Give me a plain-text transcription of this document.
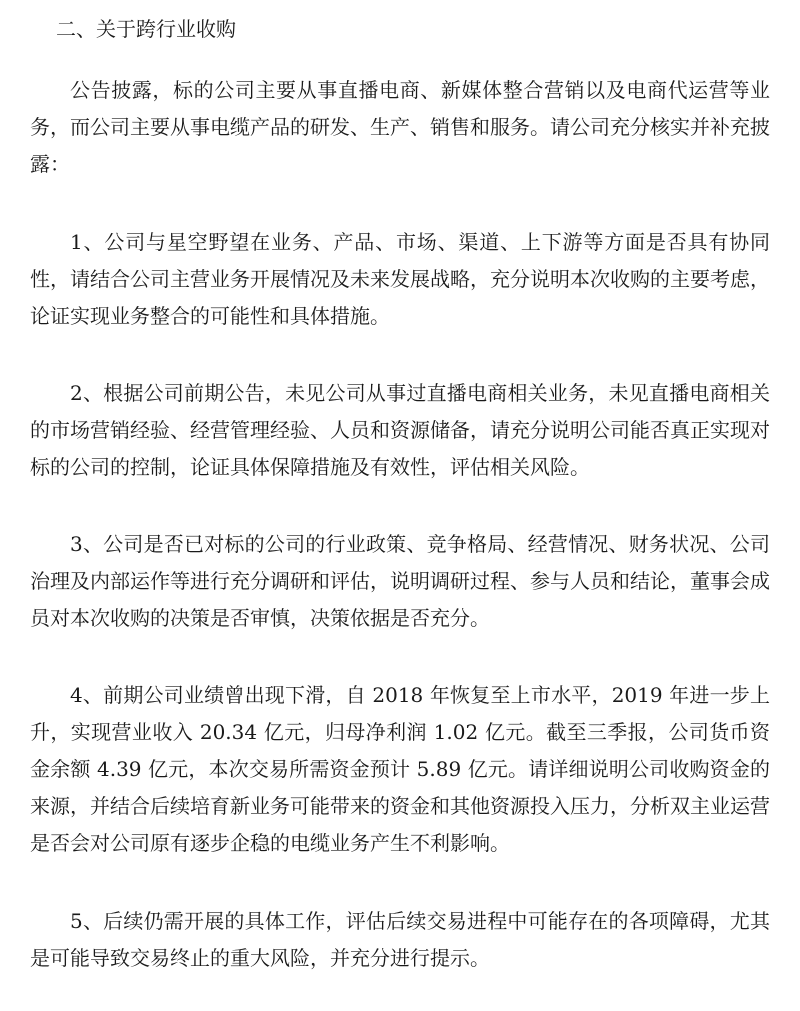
二、关于跨行业收购

公告披露，标的公司主要从事直播电商、新媒体整合营销以及电商代运营等业务，而公司主要从事电缆产品的研发、生产、销售和服务。请公司充分核实并补充披露：

1、公司与星空野望在业务、产品、市场、渠道、上下游等方面是否具有协同性，请结合公司主营业务开展情况及未来发展战略，充分说明本次收购的主要考虑，论证实现业务整合的可能性和具体措施。

2、根据公司前期公告，未见公司从事过直播电商相关业务，未见直播电商相关的市场营销经验、经营管理经验、人员和资源储备，请充分说明公司能否真正实现对标的公司的控制，论证具体保障措施及有效性，评估相关风险。

3、公司是否已对标的公司的行业政策、竞争格局、经营情况、财务状况、公司治理及内部运作等进行充分调研和评估，说明调研过程、参与人员和结论，董事会成员对本次收购的决策是否审慎，决策依据是否充分。

4、前期公司业绩曾出现下滑，自 2018 年恢复至上市水平，2019 年进一步上升，实现营业收入 20.34 亿元，归母净利润 1.02 亿元。截至三季报，公司货币资金余额 4.39 亿元，本次交易所需资金预计 5.89 亿元。请详细说明公司收购资金的来源，并结合后续培育新业务可能带来的资金和其他资源投入压力，分析双主业运营是否会对公司原有逐步企稳的电缆业务产生不利影响。

5、后续仍需开展的具体工作，评估后续交易进程中可能存在的各项障碍，尤其是可能导致交易终止的重大风险，并充分进行提示。
